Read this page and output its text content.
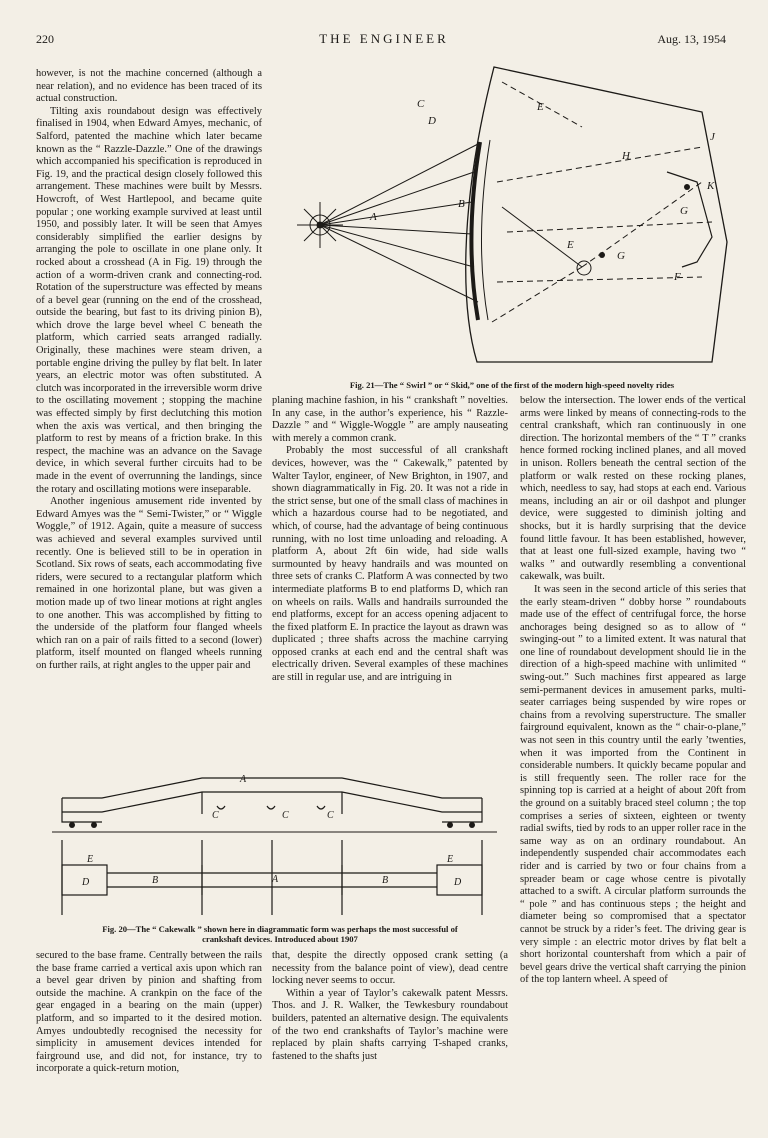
220	THE ENGINEER	Aug. 13, 1954

however, is not the machine concerned (although a near relation), and no evidence has been traced of its actual construction.

Tilting axis roundabout design was effectively finalised in 1904, when Edward Amyes, mechanic, of Salford, patented the machine which later became known as the “ Razzle-Dazzle.” One of the drawings which accompanied his specification is reproduced in Fig. 19, and the practical design closely followed this arrangement. These machines were built by Messrs. Howcroft, of West Hartlepool, and became quite popular ; one working example survived at least until 1950, and possibly later. It will be seen that Amyes considerably simplified the earlier designs by arranging the pole to oscillate in one plane only. It rocked about a crosshead (A in Fig. 19) through the action of a worm-driven crank and connecting-rod. Rotation of the superstructure was effected by means of a bevel gear (running on the end of the crosshead, outside the bearing, but fast to its driving pinion B), which drove the large bevel wheel C beneath the platform, which carried seats arranged radially. Originally, these machines were steam driven, a portable engine driving the pulley by flat belt. In later years, an electric motor was often substituted. A clutch was incorporated in the irreversible worm drive to the oscillating movement ; stopping the machine was effected simply by first declutching this motion when the axis was vertical, and then bringing the platform to rest by means of a friction brake. In this respect, the machine was an advance on the Savage device, in which several further circuits had to be made in the event of overrunning the landings, since the rotary and oscillating motions were inseparable.

Another ingenious amusement ride invented by Edward Amyes was the “ Semi-Twister,” or “ Wiggle Woggle,” of 1912. Again, quite a measure of success was achieved and several examples survived until recently. One is believed still to be in operation in Scotland. Six rows of seats, each accommodating five riders, were secured to a rectangular platform which remained in one horizontal plane, but was given a motion made up of two linear motions at right angles to one another. This was accomplished by fitting to the underside of the platform four flanged wheels which ran on a pair of rails fitted to a second (lower) platform, itself mounted on flanged wheels running on further rails, at right angles to the upper pair and

C
D
E
B
A
E
G
G
K
H
J
F
Fig. 21—The “ Swirl ” or “ Skid,” one of the first of the modern high-speed novelty rides

planing machine fashion, in his “ crankshaft ” novelties. In any case, in the author’s experience, his “ Razzle-Dazzle ” and “ Wiggle-Woggle ” are amply nauseating with merely a common crank.

Probably the most successful of all crankshaft devices, however, was the “ Cakewalk,” patented by Walter Taylor, engineer, of New Brighton, in 1907, and shown diagrammatically in Fig. 20. It was not a ride in the strict sense, but one of the small class of machines in which a hazardous course had to be negotiated, and which, of course, had the advantage of being continuous running, with no lost time unloading and reloading. A platform A, about 2ft 6in wide, had side walls surmounted by heavy handrails and was mounted on three sets of cranks C. Platform A was connected by two intermediate platforms B to end platforms D, which ran on wheels on rails. Walls and handrails surrounded the end platforms, except for an access opening adjacent to the fixed platform E. In practice the layout as drawn was duplicated ; three shafts across the machine carrying opposed cranks at each end and the central shaft was electrically driven. Several examples of these machines are still in regular use, and are intriguing in

below the intersection. The lower ends of the vertical arms were linked by means of connecting-rods to the central crankshaft, which ran continuously in one direction. The horizontal members of the “ T ” cranks hence formed rocking inclined planes, and all moved in unison. Rollers beneath the central section of the platform or walk rested on these rocking planes, which, needless to say, had stops at each end. Various means, including an air or oil dashpot and plunger device, were suggested to diminish jolting and shocks, but it is hardly surprising that the device found little favour. It has been established, however, that at least one full-sized example, having two “ walks ” and outwardly resembling a conventional cakewalk, was built.

It was seen in the second article of this series that the early steam-driven “ dobby horse ” roundabouts made use of the effect of centrifugal force, the horse anchorages being designed so as to allow of “ swinging-out ” to a limited extent. It was natural that one line of roundabout development should lie in the direction of a high-speed machine with unlimited “ swing-out.” Such machines first appeared as large semi-permanent devices in amusement parks, multi-seater carriages being suspended by wire ropes or chains from a revolving superstructure. The smaller fairground equivalent, known as the “ chair-o-plane,” was not seen in this country until the early ’twenties, when it was imported from the Continent in considerable numbers. It quickly became popular and is still frequently seen. The roller race for the spinning top is carried at a height of about 20ft from the ground on a suitably braced steel column ; the top comprises a series of sixteen, eighteen or twenty radial swifts, tied by rods to an upper roller race in the same way as on an ordinary roundabout. An independently suspended chair accommodates each rider and is carried by two or four chains from a spreader beam or cage whose centre is pivotally attached to a swift. A circular platform surrounds the “ pole ” and has continuous steps ; the height and diameter being so compromised that a spectator cannot be struck by a rider’s feet. The driving gear is very simple : an electric motor drives by flat belt a short horizontal countershaft from which a pair of bevel gears drive the vertical shaft carrying the pinion of the top lantern wheel. A speed of

A
A
B	B
C	C	C
D	D
E	E
Fig. 20—The “ Cakewalk ” shown here in diagrammatic form was perhaps the most successful of crankshaft devices. Introduced about 1907

secured to the base frame. Centrally between the rails the base frame carried a vertical axis upon which ran a bevel gear driven by pinion and shafting from outside the machine. A crankpin on the face of the gear engaged in a bearing on the main (upper) platform, and so imparted to it the desired motion. Amyes undoubtedly recognised the necessity for simplicity in amusement devices intended for fairground use, and did not, for instance, try to incorporate a quick-return motion,

that, despite the directly opposed crank setting (a necessity from the balance point of view), dead centre locking never seems to occur.

Within a year of Taylor’s cakewalk patent Messrs. Thos. and J. R. Walker, the Tewkesbury roundabout builders, patented an alternative design. The equivalents of the two end crankshafts of Taylor’s machine were replaced by plain shafts carrying T-shaped cranks, fastened to the shafts just
